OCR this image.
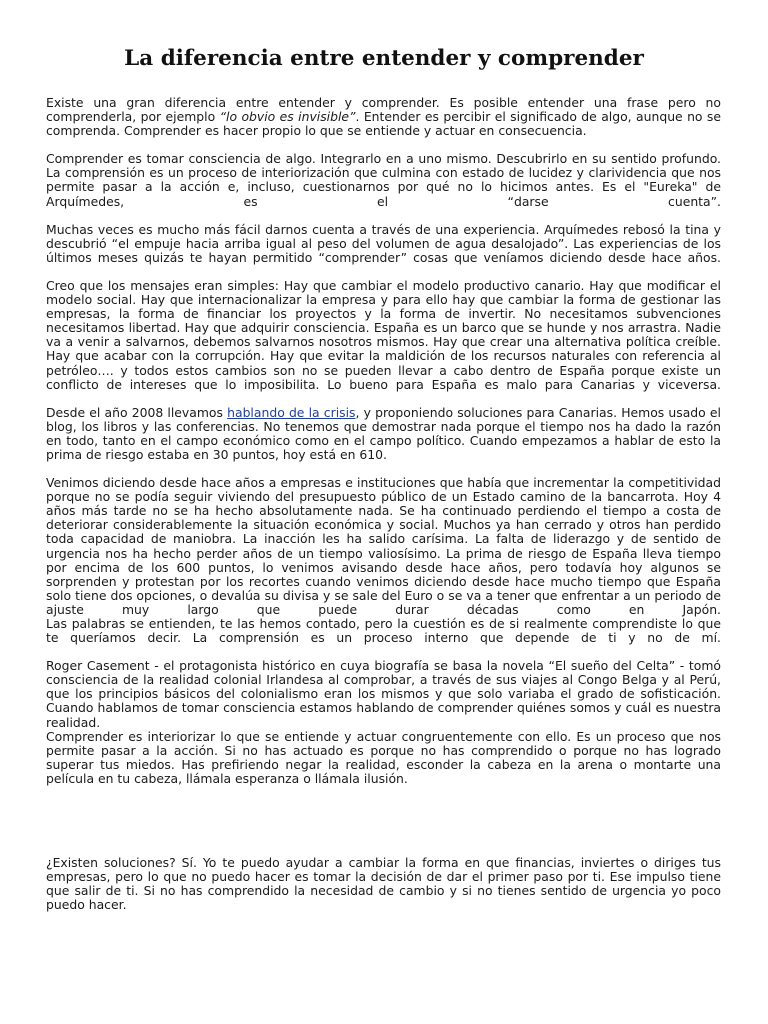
La diferencia entre entender y comprender

Existe una gran diferencia entre entender y comprender. Es posible entender una frase pero no comprenderla, por ejemplo “lo obvio es invisible”. Entender es percibir el significado de algo, aunque no se comprenda. Comprender es hacer propio lo que se entiende y actuar en consecuencia.

Comprender es tomar consciencia de algo. Integrarlo en a uno mismo. Descubrirlo en su sentido profundo. La comprensión es un proceso de interiorización que culmina con estado de lucidez y clarividencia que nos permite pasar a la acción e, incluso, cuestionarnos por qué no lo hicimos antes. Es el "Eureka" de Arquímedes, es el “darse cuenta”.

Muchas veces es mucho más fácil darnos cuenta a través de una experiencia. Arquímedes rebosó la tina y descubrió “el empuje hacia arriba igual al peso del volumen de agua desalojado”. Las experiencias de los últimos meses quizás te hayan permitido “comprender” cosas que veníamos diciendo desde hace años.

Creo que los mensajes eran simples: Hay que cambiar el modelo productivo canario. Hay que modificar el modelo social. Hay que internacionalizar la empresa y para ello hay que cambiar la forma de gestionar las empresas, la forma de financiar los proyectos y la forma de invertir. No necesitamos subvenciones necesitamos libertad. Hay que adquirir consciencia. España es un barco que se hunde y nos arrastra. Nadie va a venir a salvarnos, debemos salvarnos nosotros mismos. Hay que crear una alternativa política creíble. Hay que acabar con la corrupción. Hay que evitar la maldición de los recursos naturales con referencia al petróleo…. y todos estos cambios son no se pueden llevar a cabo dentro de España porque existe un conflicto de intereses que lo imposibilita. Lo bueno para España es malo para Canarias y viceversa.

Desde el año 2008 llevamos hablando de la crisis, y proponiendo soluciones para Canarias. Hemos usado el blog, los libros y las conferencias. No tenemos que demostrar nada porque el tiempo nos ha dado la razón en todo, tanto en el campo económico como en el campo político. Cuando empezamos a hablar de esto la prima de riesgo estaba en 30 puntos, hoy está en 610.

Venimos diciendo desde hace años a empresas e instituciones que había que incrementar la competitividad porque no se podía seguir viviendo del presupuesto público de un Estado camino de la bancarrota. Hoy 4 años más tarde no se ha hecho absolutamente nada. Se ha continuado perdiendo el tiempo a costa de deteriorar considerablemente la situación económica y social. Muchos ya han cerrado y otros han perdido toda capacidad de maniobra. La inacción les ha salido carísima. La falta de liderazgo y de sentido de urgencia nos ha hecho perder años de un tiempo valiosísimo. La prima de riesgo de España lleva tiempo por encima de los 600 puntos, lo venimos avisando desde hace años, pero todavía hoy algunos se sorprenden y protestan por los recortes cuando venimos diciendo desde hace mucho tiempo que España solo tiene dos opciones, o devalúa su divisa y se sale del Euro o se va a tener que enfrentar a un periodo de ajuste muy largo que puede durar décadas como en Japón.

Las palabras se entienden, te las hemos contado, pero la cuestión es de si realmente comprendiste lo que te queríamos decir. La comprensión es un proceso interno que depende de ti y no de mí.

Roger Casement - el protagonista histórico en cuya biografía se basa la novela “El sueño del Celta” - tomó consciencia de la realidad colonial Irlandesa al comprobar, a través de sus viajes al Congo Belga y al Perú, que los principios básicos del colonialismo eran los mismos y que solo variaba el grado de sofisticación. Cuando hablamos de tomar consciencia estamos hablando de comprender quiénes somos y cuál es nuestra realidad.

Comprender es interiorizar lo que se entiende y actuar congruentemente con ello. Es un proceso que nos permite pasar a la acción. Si no has actuado es porque no has comprendido o porque no has logrado superar tus miedos. Has prefiriendo negar la realidad, esconder la cabeza en la arena o montarte una película en tu cabeza, llámala esperanza o llámala ilusión.

¿Existen soluciones? Sí. Yo te puedo ayudar a cambiar la forma en que financias, inviertes o diriges tus empresas, pero lo que no puedo hacer es tomar la decisión de dar el primer paso por ti. Ese impulso tiene que salir de ti. Si no has comprendido la necesidad de cambio y si no tienes sentido de urgencia yo poco puedo hacer.
